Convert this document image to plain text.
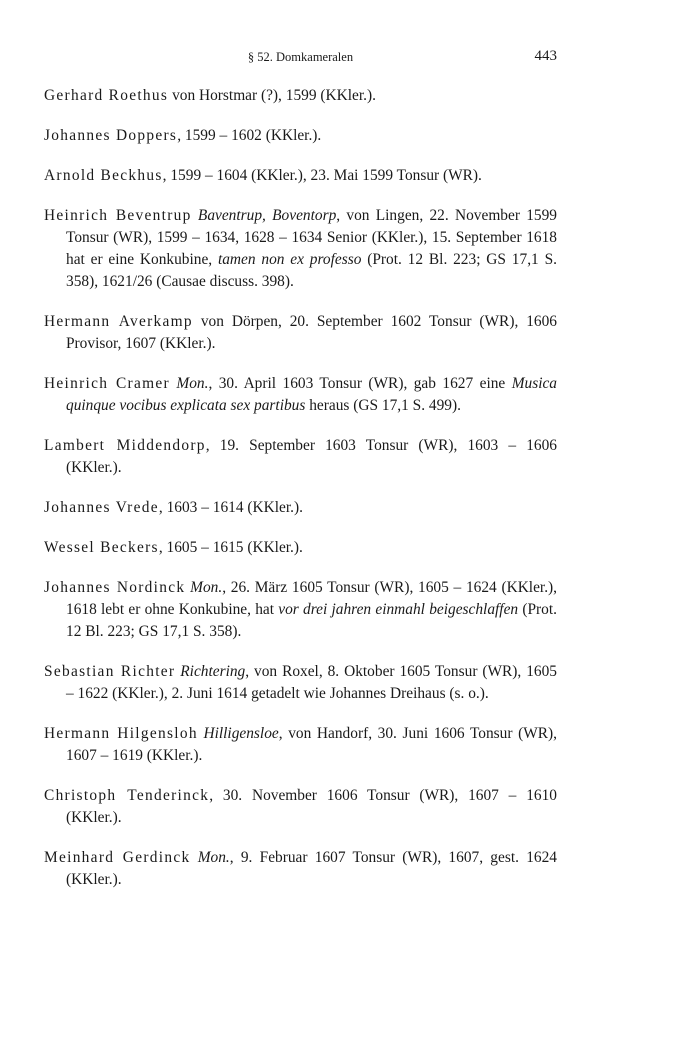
§ 52. Domkameralen	443

Gerhard Roethus von Horstmar (?), 1599 (KKler.).

Johannes Doppers, 1599 – 1602 (KKler.).

Arnold Beckhus, 1599 – 1604 (KKler.), 23. Mai 1599 Tonsur (WR).

Heinrich Beventrup Baventrup, Boventorp, von Lingen, 22. November 1599 Tonsur (WR), 1599 – 1634, 1628 – 1634 Senior (KKler.), 15. September 1618 hat er eine Konkubine, tamen non ex professo (Prot. 12 Bl. 223; GS 17,1 S. 358), 1621/26 (Causae discuss. 398).

Hermann Averkamp von Dörpen, 20. September 1602 Tonsur (WR), 1606 Provisor, 1607 (KKler.).

Heinrich Cramer Mon., 30. April 1603 Tonsur (WR), gab 1627 eine Musica quinque vocibus explicata sex partibus heraus (GS 17,1 S. 499).

Lambert Middendorp, 19. September 1603 Tonsur (WR), 1603 – 1606 (KKler.).

Johannes Vrede, 1603 – 1614 (KKler.).

Wessel Beckers, 1605 – 1615 (KKler.).

Johannes Nordinck Mon., 26. März 1605 Tonsur (WR), 1605 – 1624 (KKler.), 1618 lebt er ohne Konkubine, hat vor drei jahren einmahl beigeschlaffen (Prot. 12 Bl. 223; GS 17,1 S. 358).

Sebastian Richter Richtering, von Roxel, 8. Oktober 1605 Tonsur (WR), 1605 – 1622 (KKler.), 2. Juni 1614 getadelt wie Johannes Dreihaus (s. o.).

Hermann Hilgensloh Hilligensloe, von Handorf, 30. Juni 1606 Tonsur (WR), 1607 – 1619 (KKler.).

Christoph Tenderinck, 30. November 1606 Tonsur (WR), 1607 – 1610 (KKler.).

Meinhard Gerdinck Mon., 9. Februar 1607 Tonsur (WR), 1607, gest. 1624 (KKler.).
